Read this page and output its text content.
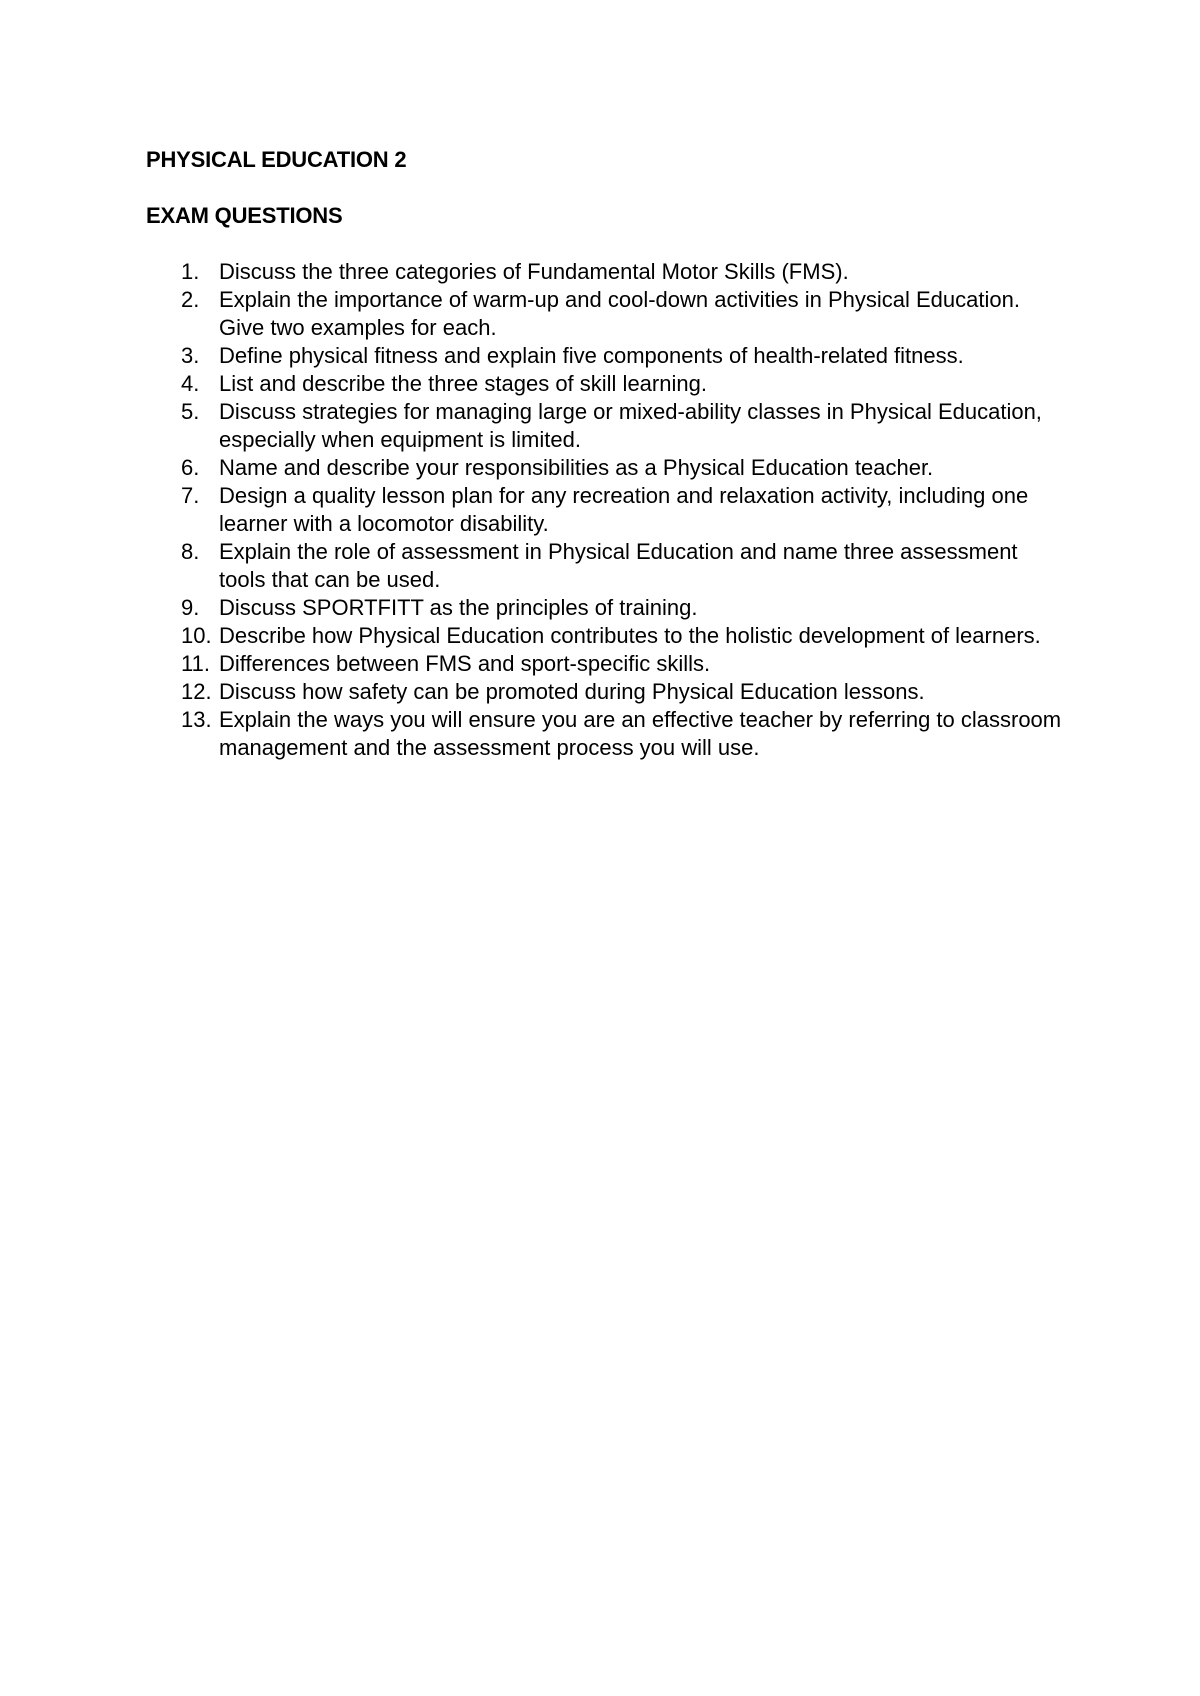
PHYSICAL EDUCATION 2
EXAM QUESTIONS
1. Discuss the three categories of Fundamental Motor Skills (FMS).
2. Explain the importance of warm-up and cool-down activities in Physical Education. Give two examples for each.
3. Define physical fitness and explain five components of health-related fitness.
4. List and describe the three stages of skill learning.
5. Discuss strategies for managing large or mixed-ability classes in Physical Education, especially when equipment is limited.
6. Name and describe your responsibilities as a Physical Education teacher.
7. Design a quality lesson plan for any recreation and relaxation activity, including one learner with a locomotor disability.
8. Explain the role of assessment in Physical Education and name three assessment tools that can be used.
9. Discuss SPORTFITT as the principles of training.
10. Describe how Physical Education contributes to the holistic development of learners.
11. Differences between FMS and sport-specific skills.
12. Discuss how safety can be promoted during Physical Education lessons.
13. Explain the ways you will ensure you are an effective teacher by referring to classroom management and the assessment process you will use.
